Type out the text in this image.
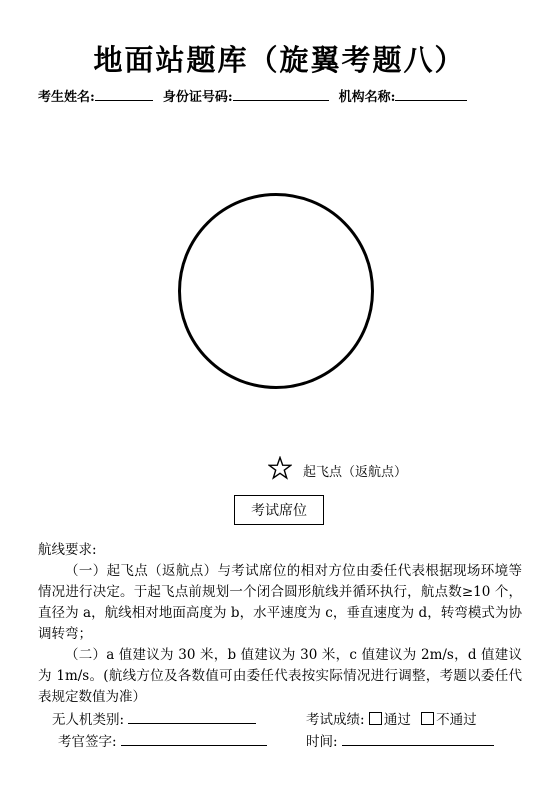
地面站题库（旋翼考题八）
考生姓名:	身份证号码:	机构名称:
起飞点（返航点）
考试席位

航线要求:

（一）起飞点（返航点）与考试席位的相对方位由委任代表根据现场环境等情况进行决定。于起飞点前规划一个闭合圆形航线并循环执行，航点数≥10 个，直径为 a，航线相对地面高度为 b，水平速度为 c，垂直速度为 d，转弯模式为协调转弯；

（二）a 值建议为 30 米，b 值建议为 30 米，c 值建议为 2m/s，d 值建议为 1m/s。(航线方位及各数值可由委任代表按实际情况进行调整，考题以委任代表规定数值为准）

无人机类别:	考试成绩: 通过 不通过
考官签字:	时间:
